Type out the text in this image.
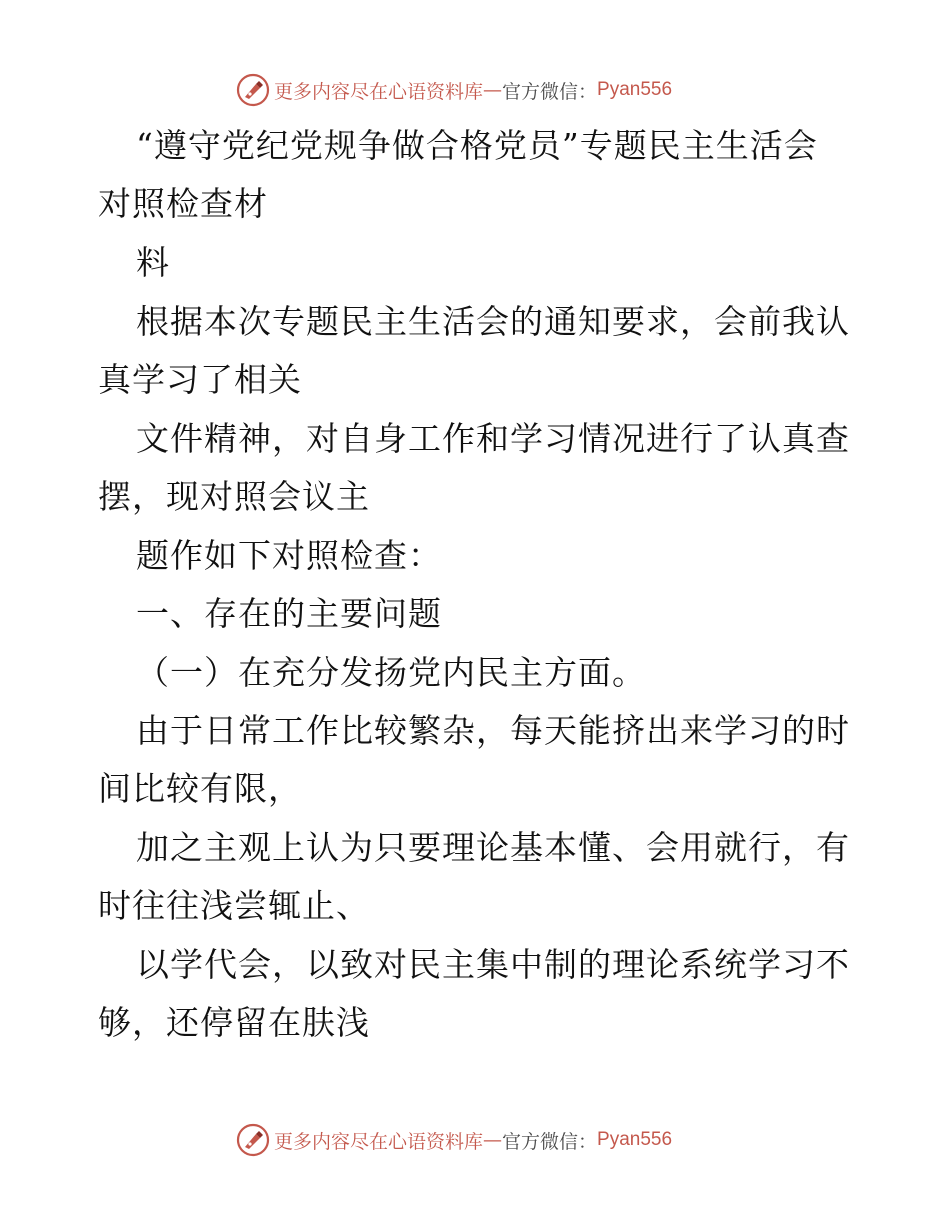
更多内容尽在心语资料库 — 官方微信： Pyan556
“遵守党纪党规争做合格党员”专题民主生活会
对照检查材
料
根据本次专题民主生活会的通知要求，会前我认
真学习了相关
文件精神，对自身工作和学习情况进行了认真查
摆，现对照会议主
题作如下对照检查：
一、存在的主要问题
（一）在充分发扬党内民主方面。
由于日常工作比较繁杂，每天能挤出来学习的时
间比较有限，
加之主观上认为只要理论基本懂、会用就行，有
时往往浅尝辄止、
以学代会，以致对民主集中制的理论系统学习不
够，还停留在肤浅
更多内容尽在心语资料库 — 官方微信： Pyan556
